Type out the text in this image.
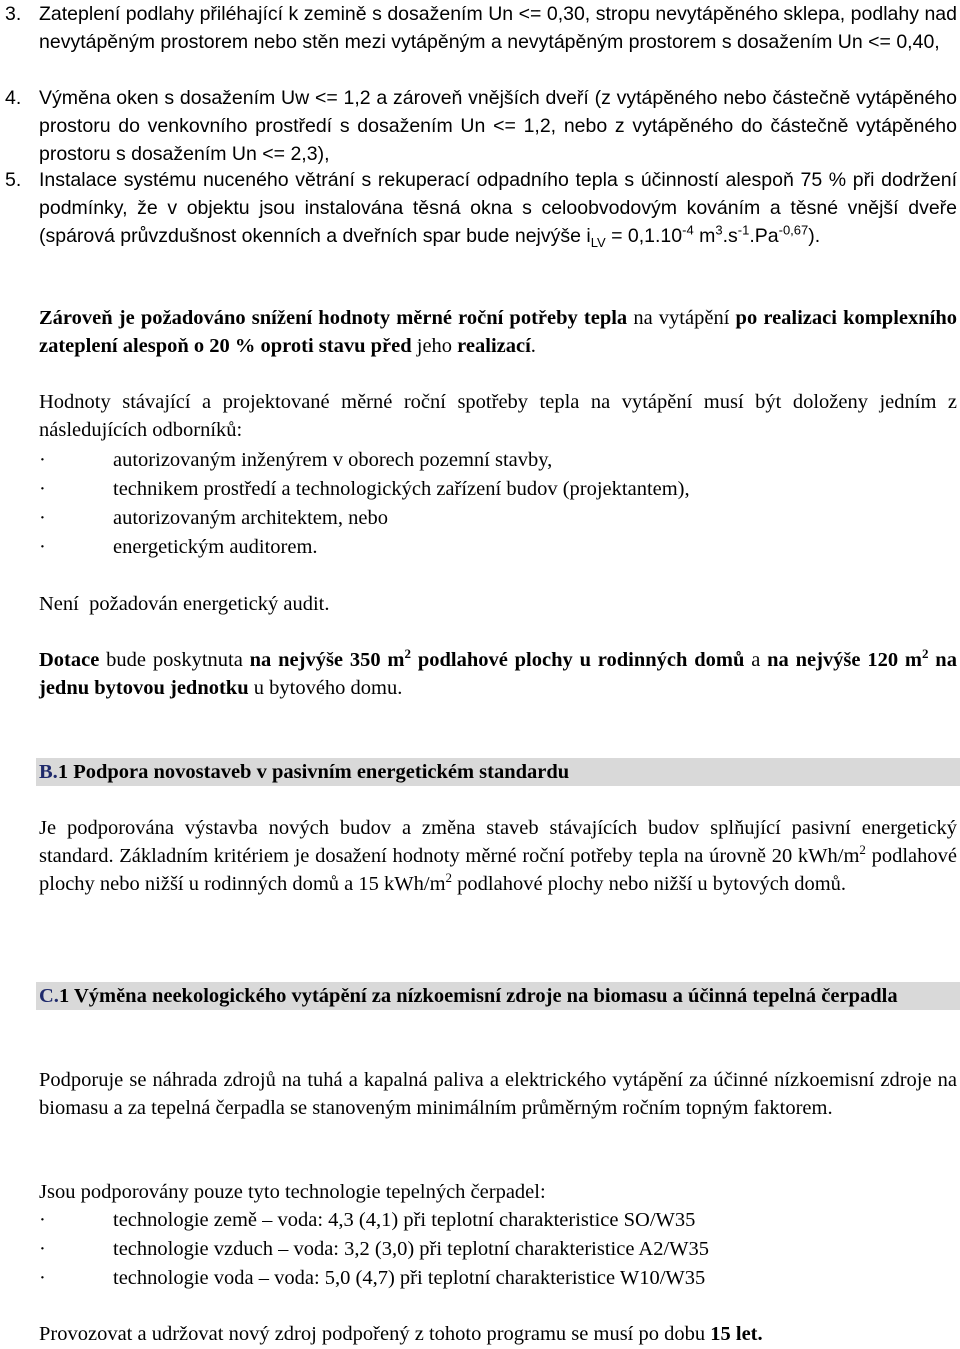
3. Zateplení podlahy přiléhající k zemině s dosažením Un <= 0,30, stropu nevytápěného sklepa, podlahy nad nevytápěným prostorem nebo stěn mezi vytápěným a nevytápěným prostorem s dosažením Un <= 0,40,

4. Výměna oken s dosažením Uw <= 1,2 a zároveň vnějších dveří (z vytápěného nebo částečně vytápěného prostoru do venkovního prostředí s dosažením Un <= 1,2, nebo z vytápěného do částečně vytápěného prostoru s dosažením Un <= 2,3),

5. Instalace systému nuceného větrání s rekuperací odpadního tepla s účinností alespoň 75 % při dodržení podmínky, že v objektu jsou instalována těsná okna s celoobvodovým kováním a těsné vnější dveře (spárová průvzdušnost okenních a dveřních spar bude nejvýše $i_{LV} = 0,1.10^{-4}$ $m^3.s^{-1}.Pa^{-0,67}$).

Zároveň je požadováno snížení hodnoty měrné roční potřeby tepla na vytápění po realizaci komplexního zateplení alespoň o 20 % oproti stavu před jeho realizací.

Hodnoty stávající a projektované měrné roční spotřeby tepla na vytápění musí být doloženy jedním z následujících odborníků:

·	autorizovaným inženýrem v oborech pozemní stavby,
·	technikem prostředí a technologických zařízení budov (projektantem),
·	autorizovaným architektem, nebo
·	energetickým auditorem.
Není  požadován energetický audit.

Dotace bude poskytnuta na nejvýše 350 $m^2$ podlahové plochy u rodinných domů a na nejvýše 120 $m^2$ na jednu bytovou jednotku u bytového domu.

B.1 Podpora novostaveb v pasivním energetickém standardu

Je podporována výstavba nových budov a změna staveb stávajících budov splňující pasivní energetický standard. Základním kritériem je dosažení hodnoty měrné roční potřeby tepla na úrovně 20 kWh/$m^2$ podlahové plochy nebo nižší u rodinných domů a 15 kWh/$m^2$ podlahové plochy nebo nižší u bytových domů.

C.1 Výměna neekologického vytápění za nízkoemisní zdroje na biomasu a účinná tepelná čerpadla

Podporuje se náhrada zdrojů na tuhá a kapalná paliva a elektrického vytápění za účinné nízkoemisní zdroje na biomasu a za tepelná čerpadla se stanoveným minimálním průměrným ročním topným faktorem.

Jsou podporovány pouze tyto technologie tepelných čerpadel:
·	technologie země – voda: 4,3 (4,1) při teplotní charakteristice SO/W35
·	technologie vzduch – voda: 3,2 (3,0) při teplotní charakteristice A2/W35
·	technologie voda – voda: 5,0 (4,7) při teplotní charakteristice W10/W35
Provozovat a udržovat nový zdroj podpořený z tohoto programu se musí po dobu 15 let.
